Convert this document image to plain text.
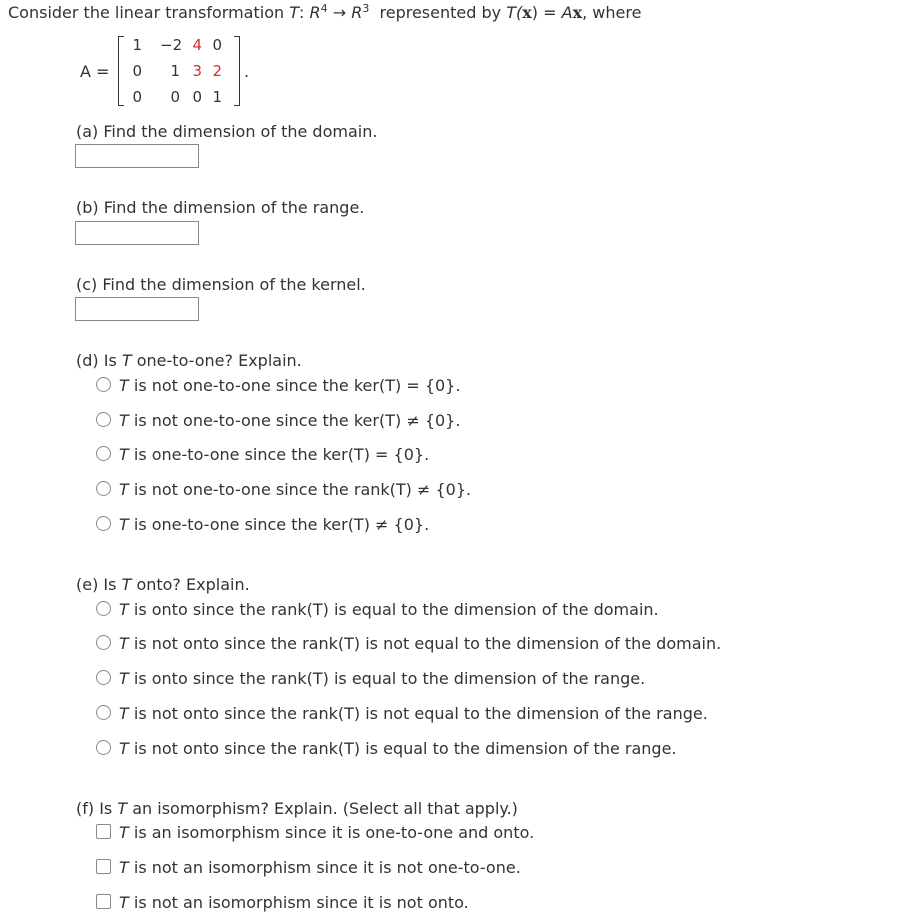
Consider the linear transformation T: $R^4 \to R^3$ represented by T(x) = Ax, where
A =
1 −2 4 0
0	1 3 2
0	0 0 1
.
(a) Find the dimension of the domain.
(b) Find the dimension of the range.
(c) Find the dimension of the kernel.
(d) Is T one-to-one? Explain.
T is not one-to-one since the ker(T) = {0}.
T is not one-to-one since the ker(T) ≠ {0}.
T is one-to-one since the ker(T) = {0}.
T is not one-to-one since the rank(T) ≠ {0}.
T is one-to-one since the ker(T) ≠ {0}.
(e) Is T onto? Explain.
T is onto since the rank(T) is equal to the dimension of the domain.
T is not onto since the rank(T) is not equal to the dimension of the domain.
T is onto since the rank(T) is equal to the dimension of the range.
T is not onto since the rank(T) is not equal to the dimension of the range.
T is not onto since the rank(T) is equal to the dimension of the range.
(f) Is T an isomorphism? Explain. (Select all that apply.)
T is an isomorphism since it is one-to-one and onto.
T is not an isomorphism since it is not one-to-one.
T is not an isomorphism since it is not onto.
